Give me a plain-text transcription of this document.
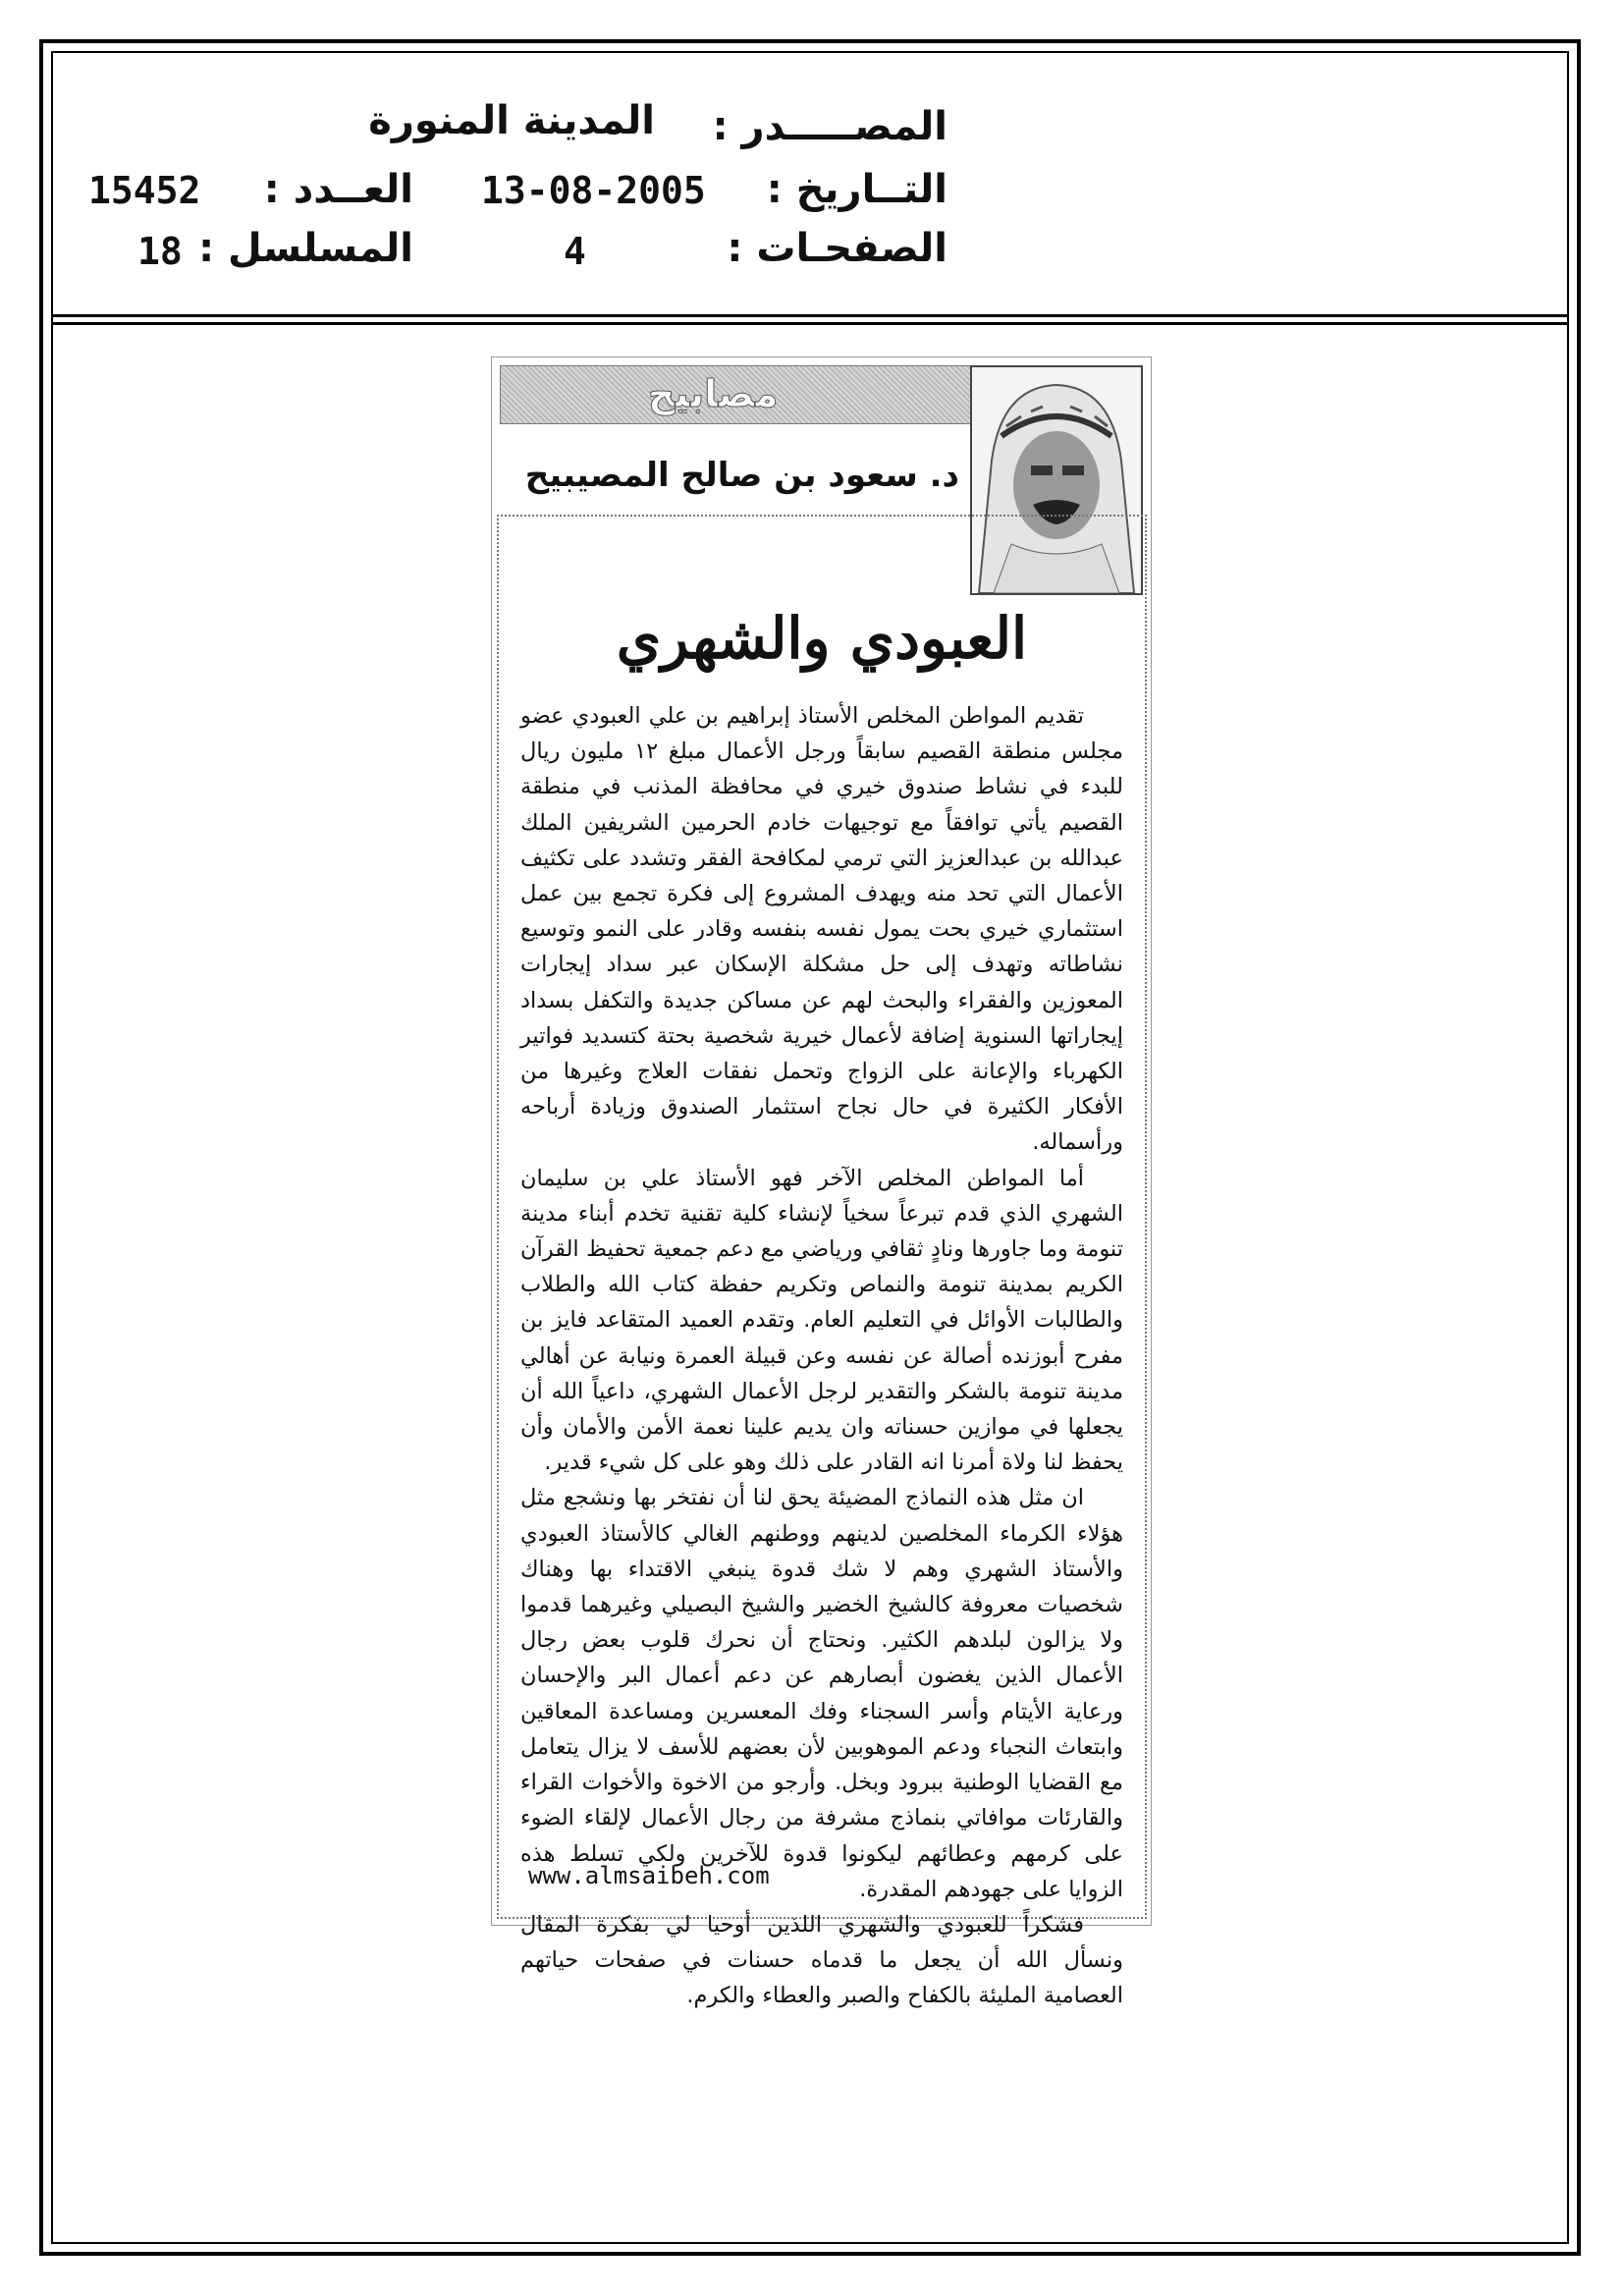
المصـــــدر :
المدينة المنورة
التــاريخ :
13-08-2005
العــدد :
15452
الصفحـات :
4
المسلسل :
18
مصابيح
د. سعود بن صالح المصيبيح
العبودي والشهري

تقديم المواطن المخلص الأستاذ إبراهيم بن علي العبودي عضو مجلس منطقة القصيم سابقاً ورجل الأعمال مبلغ ١٢ مليون ريال للبدء في نشاط صندوق خيري في محافظة المذنب في منطقة القصيم يأتي توافقاً مع توجيهات خادم الحرمين الشريفين الملك عبدالله بن عبدالعزيز التي ترمي لمكافحة الفقر وتشدد على تكثيف الأعمال التي تحد منه ويهدف المشروع إلى فكرة تجمع بين عمل استثماري خيري بحت يمول نفسه بنفسه وقادر على النمو وتوسيع نشاطاته وتهدف إلى حل مشكلة الإسكان عبر سداد إيجارات المعوزين والفقراء والبحث لهم عن مساكن جديدة والتكفل بسداد إيجاراتها السنوية إضافة لأعمال خيرية شخصية بحتة كتسديد فواتير الكهرباء والإعانة على الزواج وتحمل نفقات العلاج وغيرها من الأفكار الكثيرة في حال نجاح استثمار الصندوق وزيادة أرباحه ورأسماله.

أما المواطن المخلص الآخر فهو الأستاذ علي بن سليمان الشهري الذي قدم تبرعاً سخياً لإنشاء كلية تقنية تخدم أبناء مدينة تنومة وما جاورها ونادٍ ثقافي ورياضي مع دعم جمعية تحفيظ القرآن الكريم بمدينة تنومة والنماص وتكريم حفظة كتاب الله والطلاب والطالبات الأوائل في التعليم العام. وتقدم العميد المتقاعد فايز بن مفرح أبوزنده أصالة عن نفسه وعن قبيلة العمرة ونيابة عن أهالي مدينة تنومة بالشكر والتقدير لرجل الأعمال الشهري، داعياً الله أن يجعلها في موازين حسناته وان يديم علينا نعمة الأمن والأمان وأن يحفظ لنا ولاة أمرنا انه القادر على ذلك وهو على كل شيء قدير.

ان مثل هذه النماذج المضيئة يحق لنا أن نفتخر بها ونشجع مثل هؤلاء الكرماء المخلصين لدينهم ووطنهم الغالي كالأستاذ العبودي والأستاذ الشهري وهم لا شك قدوة ينبغي الاقتداء بها وهناك شخصيات معروفة كالشيخ الخضير والشيخ البصيلي وغيرهما قدموا ولا يزالون لبلدهم الكثير. ونحتاج أن نحرك قلوب بعض رجال الأعمال الذين يغضون أبصارهم عن دعم أعمال البر والإحسان ورعاية الأيتام وأسر السجناء وفك المعسرين ومساعدة المعاقين وابتعاث النجباء ودعم الموهوبين لأن بعضهم للأسف لا يزال يتعامل مع القضايا الوطنية ببرود وبخل. وأرجو من الاخوة والأخوات القراء والقارئات موافاتي بنماذج مشرفة من رجال الأعمال لإلقاء الضوء على كرمهم وعطائهم ليكونوا قدوة للآخرين ولكي تسلط هذه الزوايا على جهودهم المقدرة.

فشكراً للعبودي والشهري اللذين أوحيا لي بفكرة المقال ونسأل الله أن يجعل ما قدماه حسنات في صفحات حياتهم العصامية المليئة بالكفاح والصبر والعطاء والكرم.

www.almsaibeh.com
